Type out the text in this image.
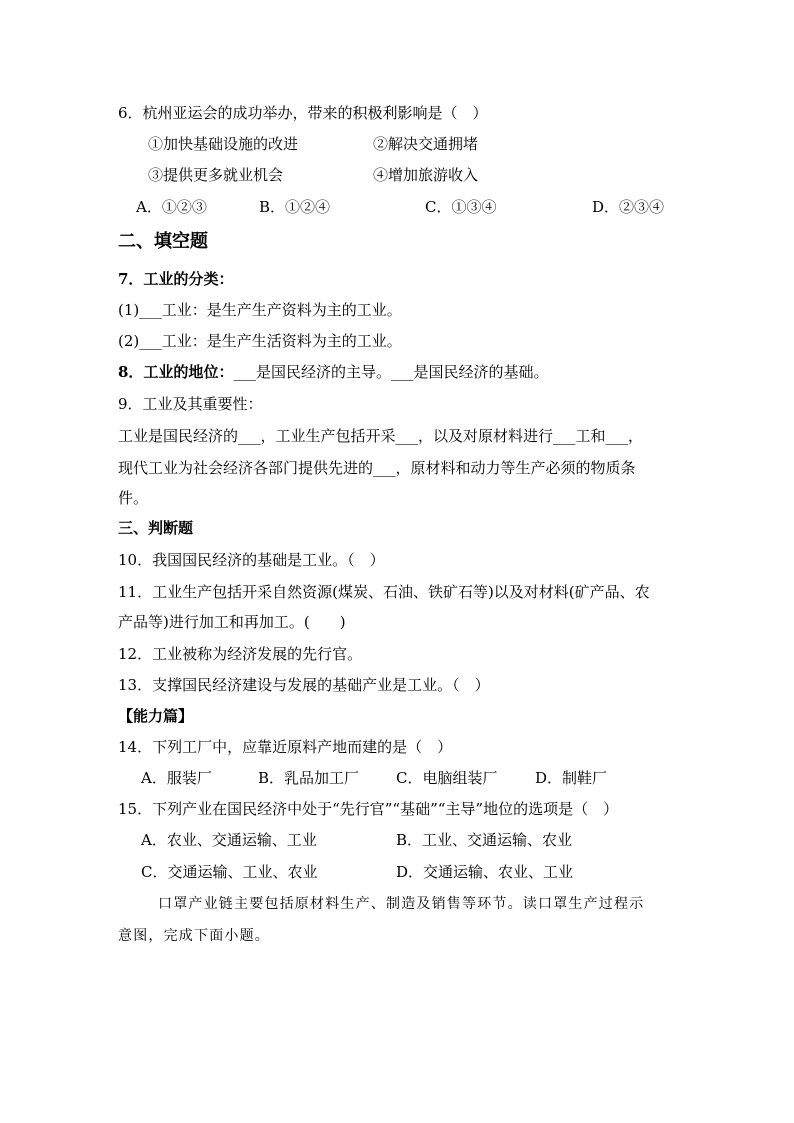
6．杭州亚运会的成功举办，带来的积极利影响是（　）
①加快基础设施的改进	②解决交通拥堵
③提供更多就业机会	④增加旅游收入
A．①②③	B．①②④	C．①③④	D．②③④
二、填空题
7．工业的分类：
(1)___工业：是生产生产资料为主的工业。
(2)___工业：是生产生活资料为主的工业。
8．工业的地位：___是国民经济的主导。___是国民经济的基础。
9．工业及其重要性：
工业是国民经济的___，工业生产包括开采___，以及对原材料进行___工和___，
现代工业为社会经济各部门提供先进的___，原材料和动力等生产必须的物质条
件。
三、判断题
10．我国国民经济的基础是工业。（　）
11．工业生产包括开采自然资源(煤炭、石油、铁矿石等)以及对材料(矿产品、农
产品等)进行加工和再加工。(　　)
12．工业被称为经济发展的先行官。
13．支撑国民经济建设与发展的基础产业是工业。（　）
【能力篇】
14．下列工厂中，应靠近原料产地而建的是（　）
A．服装厂	B．乳品加工厂 C．电脑组装厂	D．制鞋厂
15．下列产业在国民经济中处于“先行官”“基础”“主导”地位的选项是（　）
A．农业、交通运输、工业	B．工业、交通运输、农业
C．交通运输、工业、农业	D．交通运输、农业、工业
口罩产业链主要包括原材料生产、制造及销售等环节。读口罩生产过程示
意图，完成下面小题。
